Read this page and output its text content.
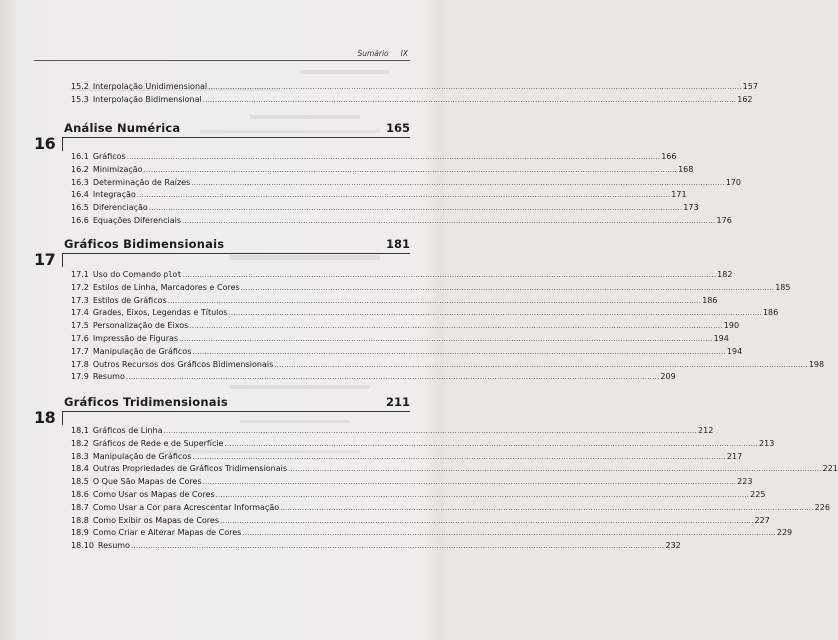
Sumário IX
15.2 Interpolação Unidimensional ............................................................................................................................................................................................................................ 157
15.3 Interpolação Bidimensional ............................................................................................................................................................................................................................ 162
Análise Numérica	165
16
16.1 Gráficos ............................................................................................................................................................................................................................ 166
16.2 Minimização ............................................................................................................................................................................................................................ 168
16.3 Determinação de Raízes ............................................................................................................................................................................................................................ 170
16.4 Integração ............................................................................................................................................................................................................................ 171
16.5 Diferenciação ............................................................................................................................................................................................................................ 173
16.6 Equações Diferenciais ............................................................................................................................................................................................................................ 176
Gráficos Bidimensionais	181
17
17.1 Uso do Comando plot ............................................................................................................................................................................................................................ 182
17.2 Estilos de Linha, Marcadores e Cores ............................................................................................................................................................................................................................ 185
17.3 Estilos de Gráficos ............................................................................................................................................................................................................................ 186
17.4 Grades, Eixos, Legendas e Títulos ............................................................................................................................................................................................................................ 186
17.5 Personalização de Eixos ............................................................................................................................................................................................................................ 190
17.6 Impressão de Figuras ............................................................................................................................................................................................................................ 194
17.7 Manipulação de Gráficos ............................................................................................................................................................................................................................ 194
17.8 Outros Recursos dos Gráficos Bidimensionais ............................................................................................................................................................................................................................ 198
17.9 Resumo ............................................................................................................................................................................................................................ 209
Gráficos Tridimensionais	211
18
18.1 Gráficos de Linha ............................................................................................................................................................................................................................ 212
18.2 Gráficos de Rede e de Superfície ............................................................................................................................................................................................................................ 213
18.3 Manipulação de Gráficos ............................................................................................................................................................................................................................ 217
18.4 Outras Propriedades de Gráficos Tridimensionais ............................................................................................................................................................................................................................ 221
18.5 O Que São Mapas de Cores ............................................................................................................................................................................................................................ 223
18.6 Como Usar os Mapas de Cores ............................................................................................................................................................................................................................ 225
18.7 Como Usar a Cor para Acrescentar Informação ............................................................................................................................................................................................................................ 226
18.8 Como Exibir os Mapas de Cores ............................................................................................................................................................................................................................ 227
18.9 Como Criar e Alterar Mapas de Cores ............................................................................................................................................................................................................................ 229
18.10 Resumo ............................................................................................................................................................................................................................ 232
